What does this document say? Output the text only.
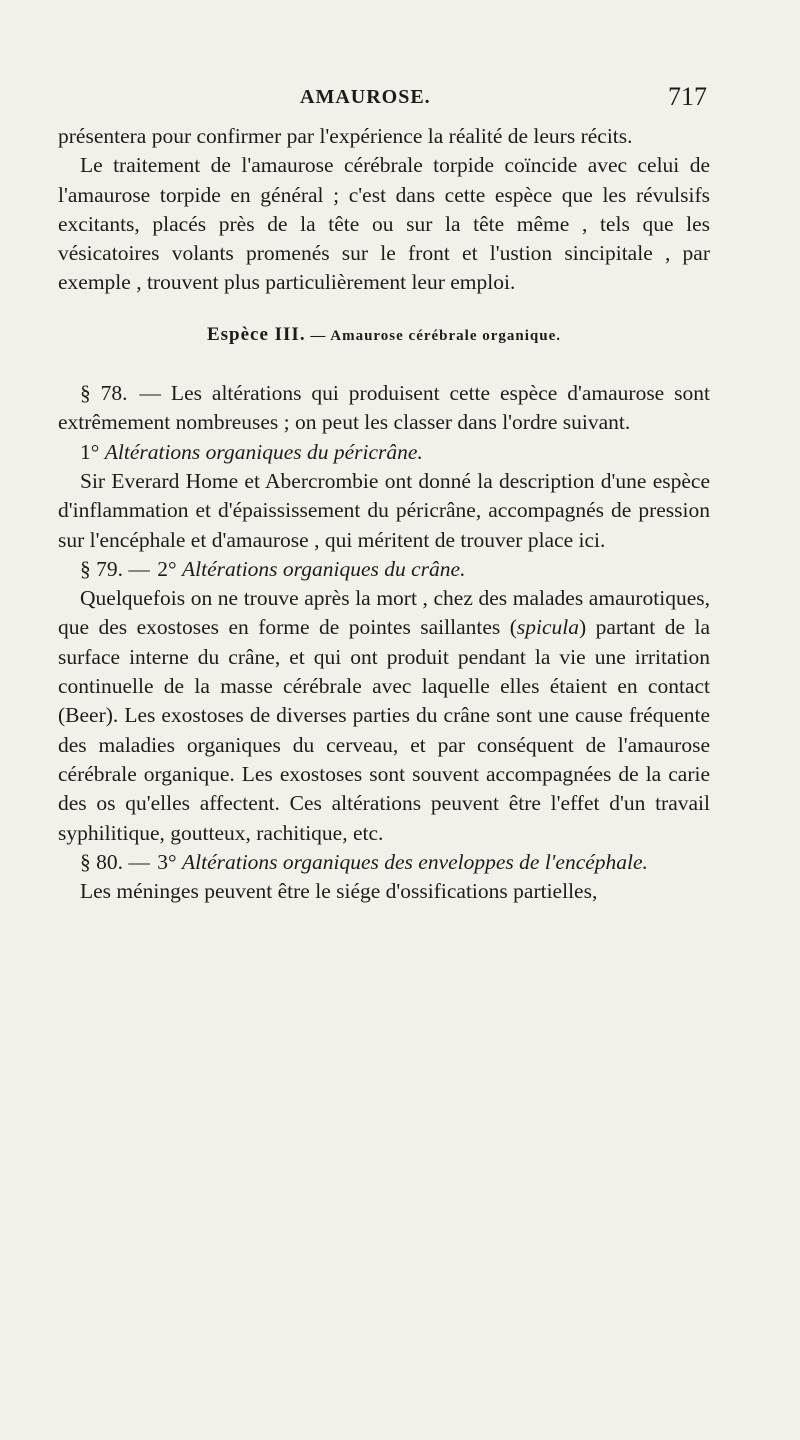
AMAUROSE.	717

présentera pour confirmer par l'expérience la réalité de leurs récits.

Le traitement de l'amaurose cérébrale torpide coïncide avec celui de l'amaurose torpide en général ; c'est dans cette espèce que les révulsifs excitants, placés près de la tête ou sur la tête même , tels que les vésicatoires volants promenés sur le front et l'ustion sincipitale , par exemple , trouvent plus particulièrement leur emploi.

Espèce III. — Amaurose cérébrale organique.

§ 78. — Les altérations qui produisent cette espèce d'amaurose sont extrêmement nombreuses ; on peut les classer dans l'ordre suivant.

1° Altérations organiques du péricrâne.

Sir Everard Home et Abercrombie ont donné la description d'une espèce d'inflammation et d'épaississement du péricrâne, accompagnés de pression sur l'encéphale et d'amaurose , qui méritent de trouver place ici.

§ 79. — 2° Altérations organiques du crâne.

Quelquefois on ne trouve après la mort , chez des malades amaurotiques, que des exostoses en forme de pointes saillantes (spicula) partant de la surface interne du crâne, et qui ont produit pendant la vie une irritation continuelle de la masse cérébrale avec laquelle elles étaient en contact (Beer). Les exostoses de diverses parties du crâne sont une cause fréquente des maladies organiques du cerveau, et par conséquent de l'amaurose cérébrale organique. Les exostoses sont souvent accompagnées de la carie des os qu'elles affectent. Ces altérations peuvent être l'effet d'un travail syphilitique, goutteux, rachitique, etc.

§ 80. — 3° Altérations organiques des enveloppes de l'encéphale.

Les méninges peuvent être le siége d'ossifications partielles,
